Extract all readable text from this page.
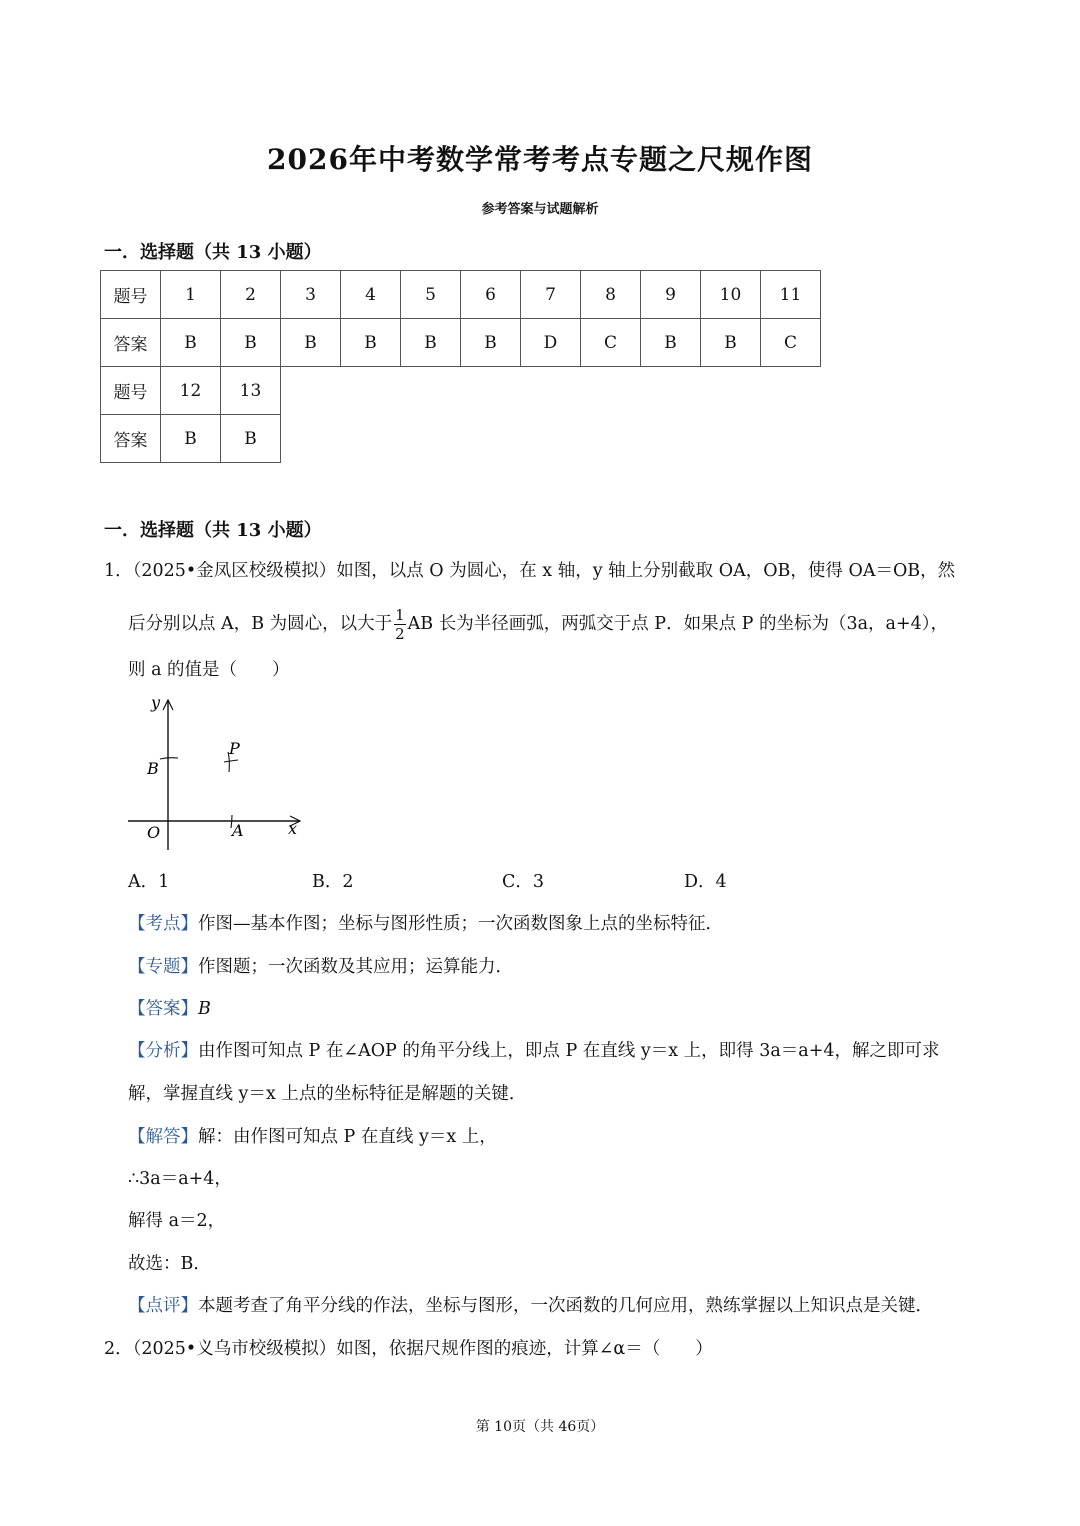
2026年中考数学常考考点专题之尺规作图
参考答案与试题解析
一．选择题（共 13 小题）
题号	1	2	3	4	5	6	7	8	9	10	11
答案	B	B	B	B	B	B	D	C	B	B	C
题号	12	13									
答案	B	B									
一．选择题（共 13 小题）
1．（2025•金凤区校级模拟）如图，以点 O 为圆心，在 x 轴，y 轴上分别截取 OA，OB，使得 OA＝OB，然
后分别以点 A，B 为圆心，以大于 $\frac{1}{2}$ AB 长为半径画弧，两弧交于点 P．如果点 P 的坐标为（3a，a+4），
则 a 的值是（　　）
y
x
O	A
B
P
A．1	B．2	C．3	D．4
【考点】作图—基本作图；坐标与图形性质；一次函数图象上点的坐标特征．
【专题】作图题；一次函数及其应用；运算能力．
【答案】B
【分析】由作图可知点 P 在∠AOP 的角平分线上，即点 P 在直线 y＝x 上，即得 3a＝a+4，解之即可求
解，掌握直线 y＝x 上点的坐标特征是解题的关键．
【解答】解：由作图可知点 P 在直线 y＝x 上，
∴3a＝a+4，
解得 a＝2，
故选：B．
【点评】本题考查了角平分线的作法，坐标与图形，一次函数的几何应用，熟练掌握以上知识点是关键．
2．（2025•义乌市校级模拟）如图，依据尺规作图的痕迹，计算∠α＝（　　）
第 10页（共 46页）
